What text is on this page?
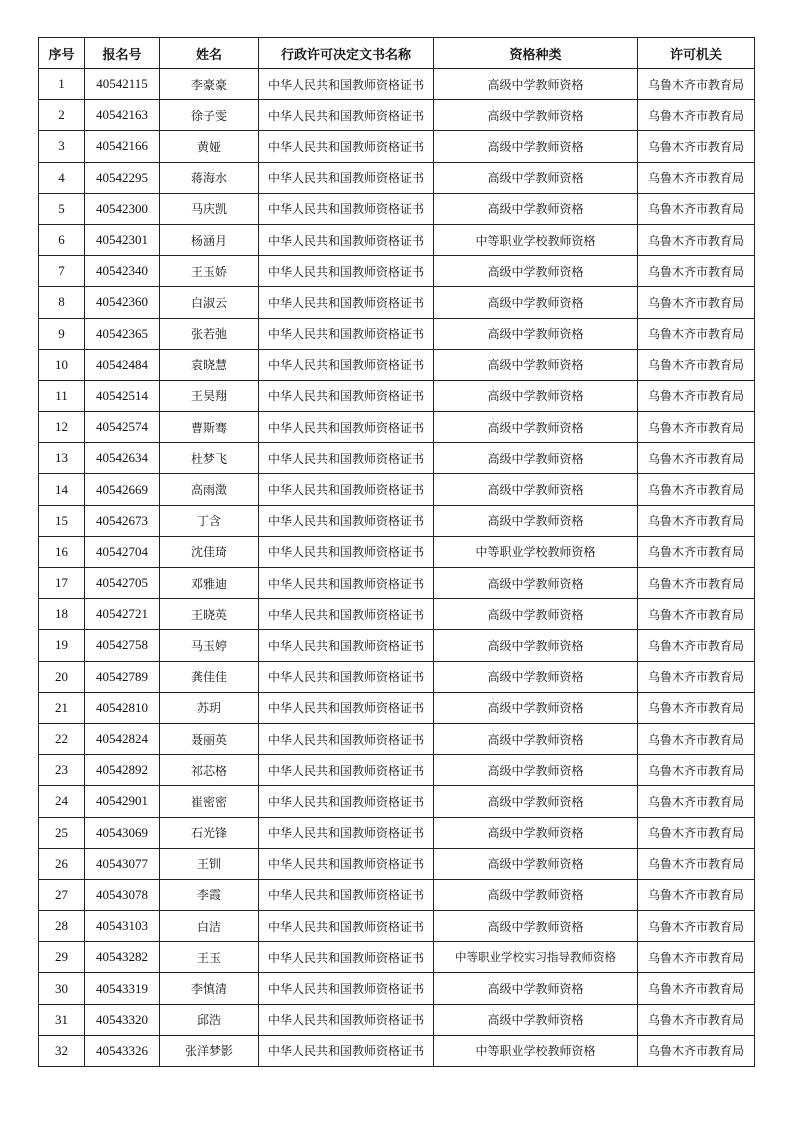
序号	报名号	姓名	行政许可决定文书名称	资格种类	许可机关
1	40542115	李豪豪	中华人民共和国教师资格证书	高级中学教师资格	乌鲁木齐市教育局
2	40542163	徐子雯	中华人民共和国教师资格证书	高级中学教师资格	乌鲁木齐市教育局
3	40542166	黄娅	中华人民共和国教师资格证书	高级中学教师资格	乌鲁木齐市教育局
4	40542295	蒋海水	中华人民共和国教师资格证书	高级中学教师资格	乌鲁木齐市教育局
5	40542300	马庆凯	中华人民共和国教师资格证书	高级中学教师资格	乌鲁木齐市教育局
6	40542301	杨涵月	中华人民共和国教师资格证书	中等职业学校教师资格	乌鲁木齐市教育局
7	40542340	王玉娇	中华人民共和国教师资格证书	高级中学教师资格	乌鲁木齐市教育局
8	40542360	白淑云	中华人民共和国教师资格证书	高级中学教师资格	乌鲁木齐市教育局
9	40542365	张若弛	中华人民共和国教师资格证书	高级中学教师资格	乌鲁木齐市教育局
10	40542484	袁晓慧	中华人民共和国教师资格证书	高级中学教师资格	乌鲁木齐市教育局
11	40542514	王昊翔	中华人民共和国教师资格证书	高级中学教师资格	乌鲁木齐市教育局
12	40542574	曹斯骞	中华人民共和国教师资格证书	高级中学教师资格	乌鲁木齐市教育局
13	40542634	杜梦飞	中华人民共和国教师资格证书	高级中学教师资格	乌鲁木齐市教育局
14	40542669	高雨澂	中华人民共和国教师资格证书	高级中学教师资格	乌鲁木齐市教育局
15	40542673	丁含	中华人民共和国教师资格证书	高级中学教师资格	乌鲁木齐市教育局
16	40542704	沈佳琦	中华人民共和国教师资格证书	中等职业学校教师资格	乌鲁木齐市教育局
17	40542705	邓雅迪	中华人民共和国教师资格证书	高级中学教师资格	乌鲁木齐市教育局
18	40542721	王晓英	中华人民共和国教师资格证书	高级中学教师资格	乌鲁木齐市教育局
19	40542758	马玉婷	中华人民共和国教师资格证书	高级中学教师资格	乌鲁木齐市教育局
20	40542789	龚佳佳	中华人民共和国教师资格证书	高级中学教师资格	乌鲁木齐市教育局
21	40542810	苏玥	中华人民共和国教师资格证书	高级中学教师资格	乌鲁木齐市教育局
22	40542824	聂丽英	中华人民共和国教师资格证书	高级中学教师资格	乌鲁木齐市教育局
23	40542892	祁芯格	中华人民共和国教师资格证书	高级中学教师资格	乌鲁木齐市教育局
24	40542901	崔密密	中华人民共和国教师资格证书	高级中学教师资格	乌鲁木齐市教育局
25	40543069	石光锋	中华人民共和国教师资格证书	高级中学教师资格	乌鲁木齐市教育局
26	40543077	王钏	中华人民共和国教师资格证书	高级中学教师资格	乌鲁木齐市教育局
27	40543078	李霞	中华人民共和国教师资格证书	高级中学教师资格	乌鲁木齐市教育局
28	40543103	白洁	中华人民共和国教师资格证书	高级中学教师资格	乌鲁木齐市教育局
29	40543282	王玉	中华人民共和国教师资格证书	中等职业学校实习指导教师资格	乌鲁木齐市教育局
30	40543319	李慎清	中华人民共和国教师资格证书	高级中学教师资格	乌鲁木齐市教育局
31	40543320	邱浩	中华人民共和国教师资格证书	高级中学教师资格	乌鲁木齐市教育局
32	40543326	张洋梦影	中华人民共和国教师资格证书	中等职业学校教师资格	乌鲁木齐市教育局
